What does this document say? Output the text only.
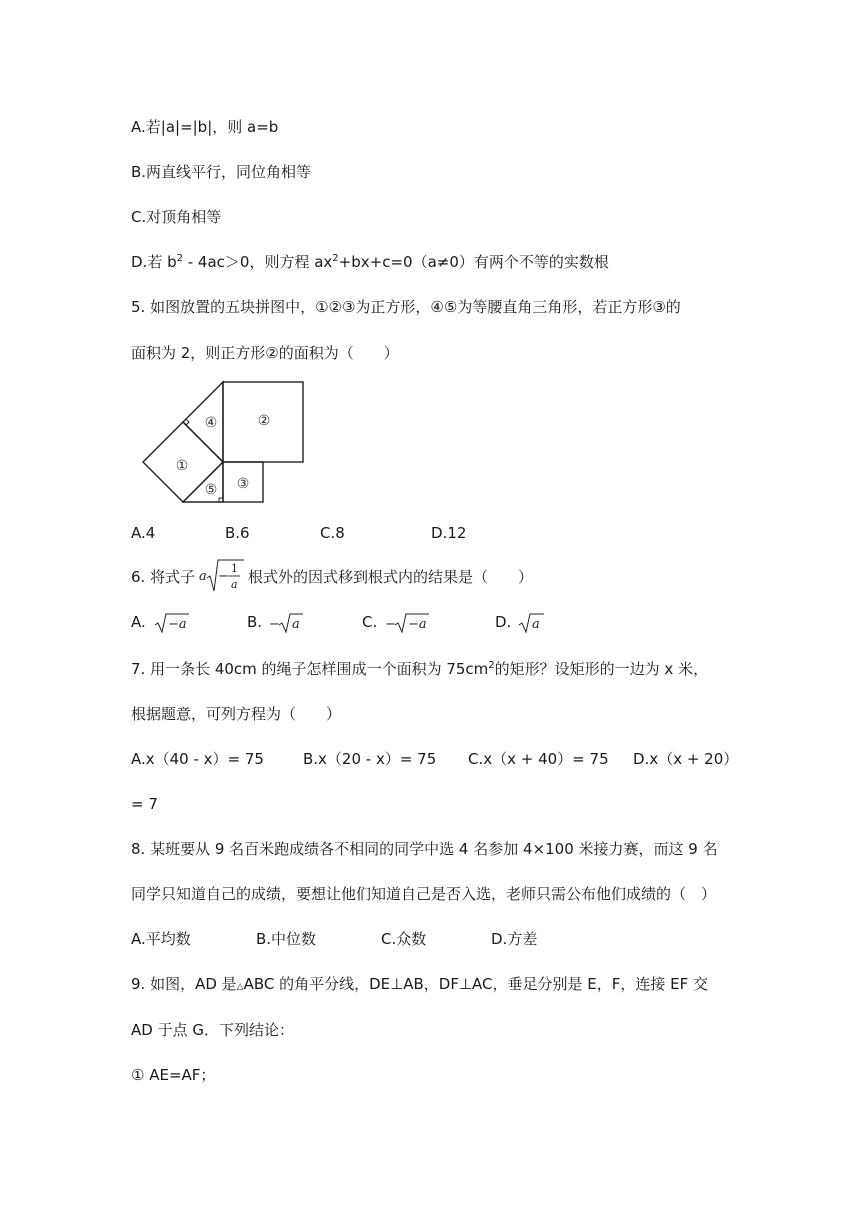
A.若|a|=|b|，则 a=b
B.两直线平行，同位角相等
C.对顶角相等
D.若 $b^2 - 4ac>0$，则方程 $ax^2+bx+c=0(a\ne 0)$有两个不等的实数根
5. 如图放置的五块拼图中，①②③为正方形，④⑤为等腰直角三角形，若正方形③的
面积为 2，则正方形②的面积为（　　）
①
②
③
④
⑤
A.4	B.6	C.8	D.12
6. 将式子 a −
1
a 根式外的因式移到根式内的结果是（　　）
A. −a	B. − a	C. − −a	D. a
7. 用一条长 40cm 的绳子怎样围成一个面积为 $75cm^2$的矩形？设矩形的一边为 x 米，
根据题意，可列方程为（　　）
A.x（40 - x）= 75	B.x（20 - x）= 75 C.x（x + 40）= 75 D.x（x + 20）
= 7
8. 某班要从 9 名百米跑成绩各不相同的同学中选 4 名参加 4×100 米接力赛，而这 9 名
同学只知道自己的成绩，要想让他们知道自己是否入选，老师只需公布他们成绩的（　）
A.平均数	B.中位数	C.众数	D.方差
9. 如图，AD 是△ABC 的角平分线，DE⊥AB，DF⊥AC，垂足分别是 E，F，连接 EF 交
AD 于点 G．下列结论：
① AE=AF；
